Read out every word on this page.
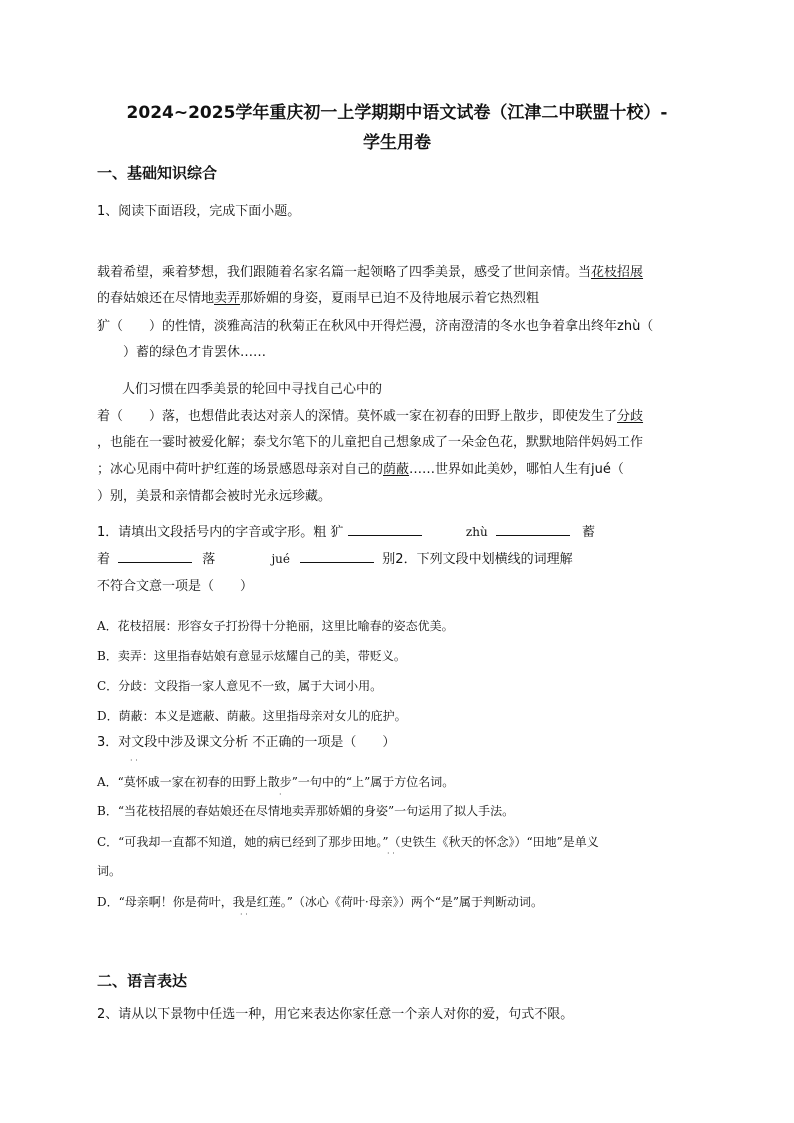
2024~2025学年重庆初一上学期期中语文试卷（江津二中联盟十校）-
学生用卷
一、基础知识综合
1、阅读下面语段，完成下面小题。
载着希望，乘着梦想，我们跟随着名家名篇一起领略了四季美景，感受了世间亲情。当花枝招展
的春姑娘还在尽情地卖弄那娇媚的身姿，夏雨早已迫不及待地展示着它热烈粗
犷（　　）的性情，淡雅高洁的秋菊正在秋风中开得烂漫，济南澄清的冬水也争着拿出终年zhù（
　　）蓄的绿色才肯罢休……
人们习惯在四季美景的轮回中寻找自己心中的
着（　　）落，也想借此表达对亲人的深情。莫怀戚一家在初春的田野上散步，即使发生了分歧
，也能在一霎时被爱化解；泰戈尔笔下的儿童把自己想象成了一朵金色花，默默地陪伴妈妈工作
；冰心见雨中荷叶护红莲的场景感恩母亲对自己的荫蔽……世界如此美妙，哪怕人生有jué（
）别，美景和亲情都会被时光永远珍藏。
1．请填出文段括号内的字音或字形。粗 犷	zhù	蓄
着	落	jué	别2．下列文段中划横线的词理解
不符合文意一项是（　　）
A．花枝招展：形容女子打扮得十分艳丽，这里比喻春的姿态优美。
B．卖弄：这里指春姑娘有意显示炫耀自己的美，带贬义。
C．分歧：文段指一家人意见不一致，属于大词小用。
D．荫蔽：本义是遮蔽、荫蔽。这里指母亲对女儿的庇护。
3．对文段中涉及课文分析 不正确的一项是（　　）
· ·
A．“莫怀戚一家在初春的田野上散步”一句中的“上”属于方位名词。
·
B．“当花枝招展的春姑娘还在尽情地卖弄那娇媚的身姿”一句运用了拟人手法。
C．“可我却一直都不知道，她的病已经到了那步田地。”（史铁生《秋天的怀念》）“田地”是单义
· ·
词。
D．“母亲啊！你是荷叶，我是红莲。”（冰心《荷叶·母亲》）两个“是”属于判断动词。
· ·
二、语言表达
2、请从以下景物中任选一种，用它来表达你家任意一个亲人对你的爱，句式不限。
